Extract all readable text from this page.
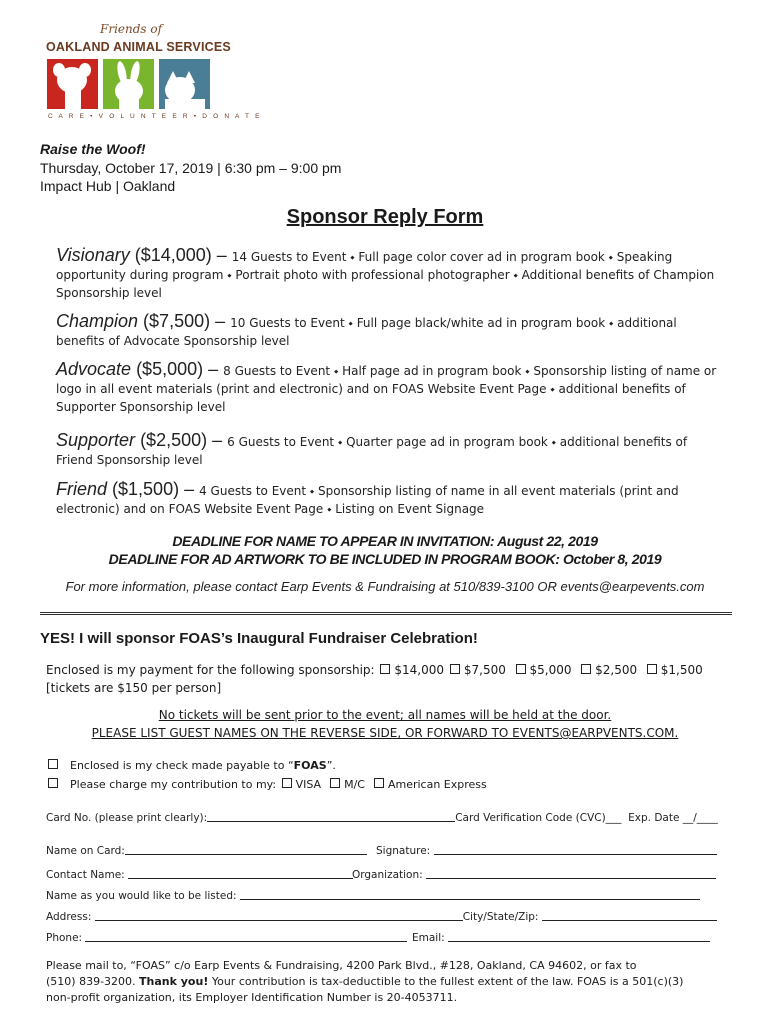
Friends of
OAKLAND ANIMAL SERVICES
C A R E • V O L U N T E E R • D O N A T E
Raise the Woof!
Thursday, October 17, 2019 | 6:30 pm – 9:00 pm
Impact Hub | Oakland
Sponsor Reply Form
Visionary ($14,000) – 14 Guests to Event ⬩ Full page color cover ad in program book ⬩ Speaking opportunity during program ⬩ Portrait photo with professional photographer ⬩ Additional benefits of Champion Sponsorship level
Champion ($7,500) – 10 Guests to Event ⬩ Full page black/white ad in program book ⬩ additional benefits of Advocate Sponsorship level
Advocate ($5,000) – 8 Guests to Event ⬩ Half page ad in program book ⬩ Sponsorship listing of name or logo in all event materials (print and electronic) and on FOAS Website Event Page ⬩ additional benefits of Supporter Sponsorship level
Supporter ($2,500) – 6 Guests to Event ⬩ Quarter page ad in program book ⬩ additional benefits of Friend Sponsorship level
Friend ($1,500) – 4 Guests to Event ⬩ Sponsorship listing of name in all event materials (print and electronic) and on FOAS Website Event Page ⬩ Listing on Event Signage
DEADLINE FOR NAME TO APPEAR IN INVITATION: August 22, 2019
DEADLINE FOR AD ARTWORK TO BE INCLUDED IN PROGRAM BOOK: October 8, 2019
For more information, please contact Earp Events & Fundraising at 510/839-3100 OR events@earpevents.com
YES! I will sponsor FOAS’s Inaugural Fundraiser Celebration!
Enclosed is my payment for the following sponsorship: $14,000 $7,500 $5,000 $2,500 $1,500
[tickets are $150 per person]
No tickets will be sent prior to the event; all names will be held at the door.
PLEASE LIST GUEST NAMES ON THE REVERSE SIDE, OR FORWARD TO EVENTS@EARPVENTS.COM.
Enclosed is my check made payable to “FOAS”.
Please charge my contribution to my: VISA M/C American Express
Card No. (please print clearly):	Card Verification Code (CVC)___ Exp. Date __/____
Name on Card:	Signature:
Contact Name:	Organization:
Name as you would like to be listed:
Address:	City/State/Zip:
Phone:	Email:
Please mail to, “FOAS” c/o Earp Events & Fundraising, 4200 Park Blvd., #128, Oakland, CA 94602, or fax to
(510) 839-3200. Thank you! Your contribution is tax-deductible to the fullest extent of the law. FOAS is a 501(c)(3)
non-profit organization, its Employer Identification Number is 20-4053711.
